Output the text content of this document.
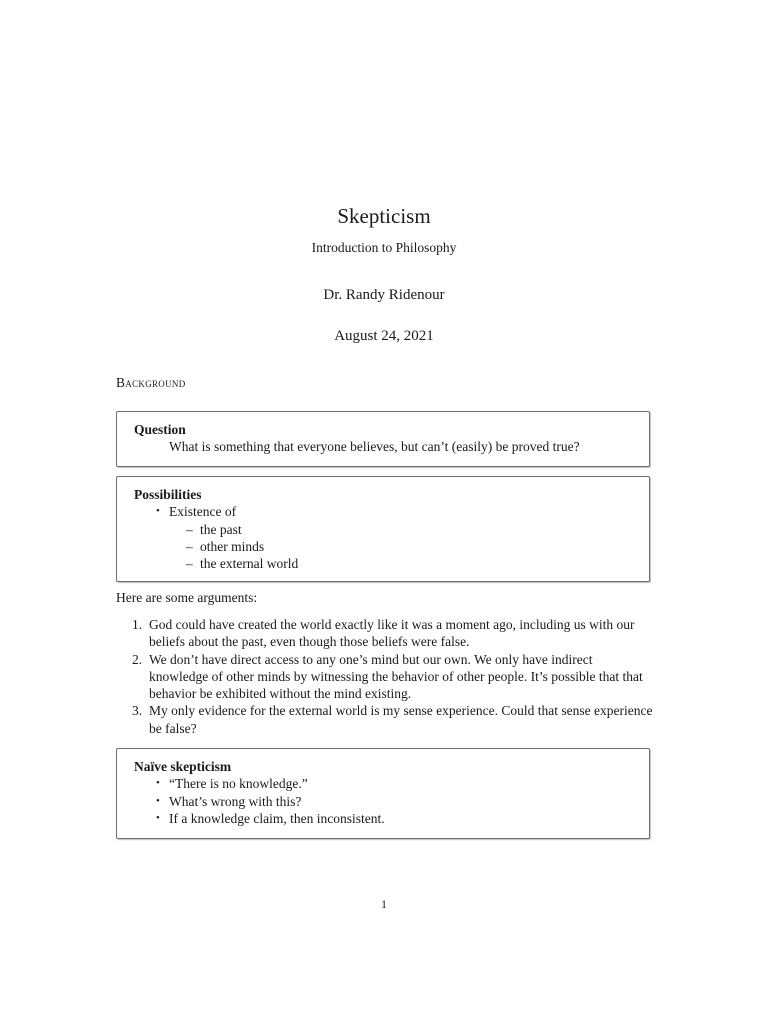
Skepticism
Introduction to Philosophy
Dr. Randy Ridenour
August 24, 2021
Background
Question
What is something that everyone believes, but can’t (easily) be proved true?
Possibilities
• Existence of
– the past
– other minds
– the external world
Here are some arguments:
1. God could have created the world exactly like it was a moment ago, including us with our beliefs about the past, even though those beliefs were false.
2. We don’t have direct access to any one’s mind but our own. We only have indirect knowledge of other minds by witnessing the behavior of other people. It’s possible that that behavior be exhibited without the mind existing.
3. My only evidence for the external world is my sense experience. Could that sense experience be false?
Naïve skepticism
• “There is no knowledge.”
• What’s wrong with this?
• If a knowledge claim, then inconsistent.
1
